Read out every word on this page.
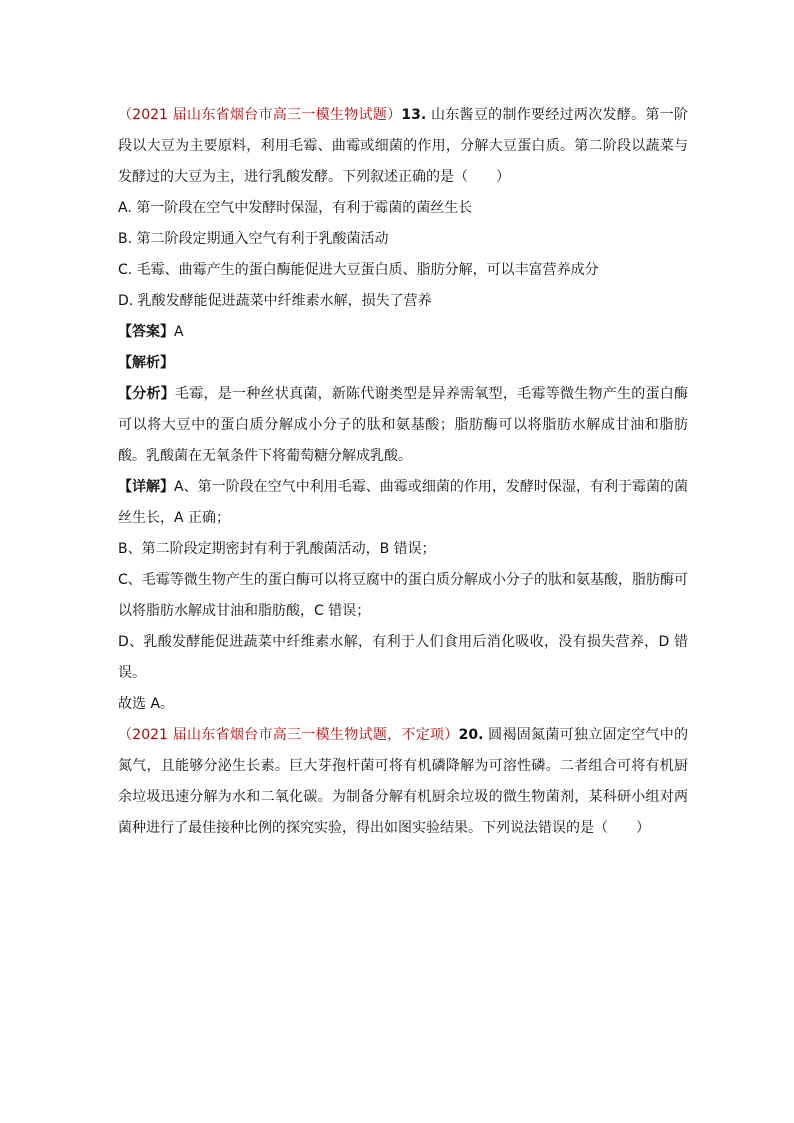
（2021 届山东省烟台市高三一模生物试题）13. 山东酱豆的制作要经过两次发酵。第一阶段以大豆为主要原料，利用毛霉、曲霉或细菌的作用，分解大豆蛋白质。第二阶段以蔬菜与发酵过的大豆为主，进行乳酸发酵。下列叙述正确的是（　　）

A. 第一阶段在空气中发酵时保湿，有利于霉菌的菌丝生长

B. 第二阶段定期通入空气有利于乳酸菌活动

C. 毛霉、曲霉产生的蛋白酶能促进大豆蛋白质、脂肪分解，可以丰富营养成分

D. 乳酸发酵能促进蔬菜中纤维素水解，损失了营养

【答案】A

【解析】

【分析】毛霉，是一种丝状真菌，新陈代谢类型是异养需氧型，毛霉等微生物产生的蛋白酶可以将大豆中的蛋白质分解成小分子的肽和氨基酸；脂肪酶可以将脂肪水解成甘油和脂肪酸。乳酸菌在无氧条件下将葡萄糖分解成乳酸。

【详解】A、第一阶段在空气中利用毛霉、曲霉或细菌的作用，发酵时保湿，有利于霉菌的菌丝生长，A 正确；

B、第二阶段定期密封有利于乳酸菌活动，B 错误；

C、毛霉等微生物产生的蛋白酶可以将豆腐中的蛋白质分解成小分子的肽和氨基酸，脂肪酶可以将脂肪水解成甘油和脂肪酸，C 错误；

D、乳酸发酵能促进蔬菜中纤维素水解，有利于人们食用后消化吸收，没有损失营养，D 错误。

故选 A。

（2021 届山东省烟台市高三一模生物试题，不定项）20. 圆褐固氮菌可独立固定空气中的氮气，且能够分泌生长素。巨大芽孢杆菌可将有机磷降解为可溶性磷。二者组合可将有机厨余垃圾迅速分解为水和二氧化碳。为制备分解有机厨余垃圾的微生物菌剂，某科研小组对两菌种进行了最佳接种比例的探究实验，得出如图实验结果。下列说法错误的是（　　）
